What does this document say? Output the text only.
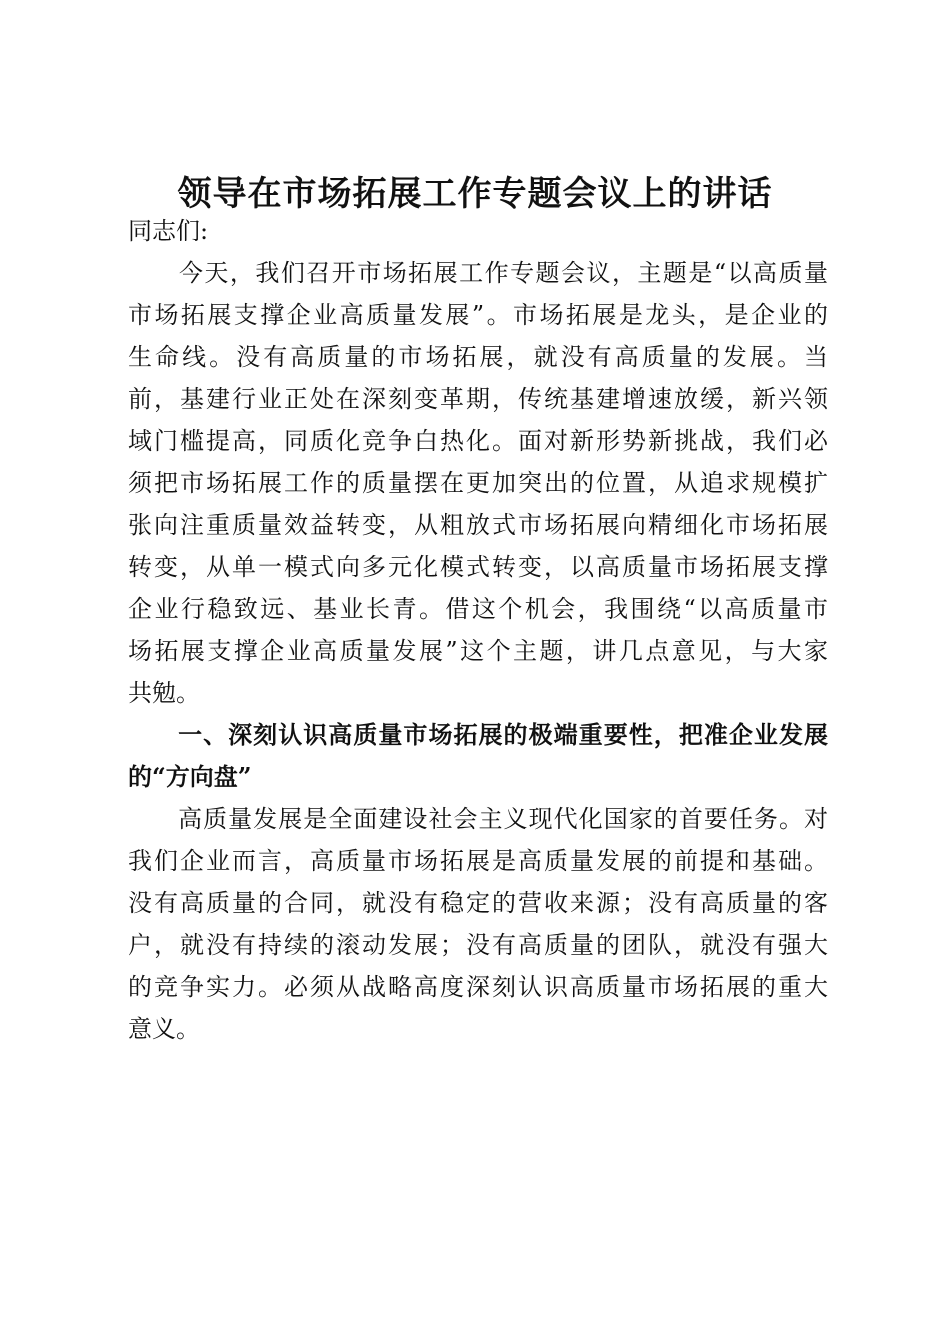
领导在市场拓展工作专题会议上的讲话
同志们:
　　今天，我们召开市场拓展工作专题会议，主题是“以高质量
市场拓展支撑企业高质量发展”。市场拓展是龙头，是企业的
生命线。没有高质量的市场拓展，就没有高质量的发展。当
前，基建行业正处在深刻变革期，传统基建增速放缓，新兴领
域门槛提高，同质化竞争白热化。面对新形势新挑战，我们必
须把市场拓展工作的质量摆在更加突出的位置，从追求规模扩
张向注重质量效益转变，从粗放式市场拓展向精细化市场拓展
转变，从单一模式向多元化模式转变，以高质量市场拓展支撑
企业行稳致远、基业长青。借这个机会，我围绕“以高质量市
场拓展支撑企业高质量发展”这个主题，讲几点意见，与大家
共勉。
　　一、深刻认识高质量市场拓展的极端重要性，把准企业发展
的“方向盘”
　　高质量发展是全面建设社会主义现代化国家的首要任务。对
我们企业而言，高质量市场拓展是高质量发展的前提和基础。
没有高质量的合同，就没有稳定的营收来源；没有高质量的客
户，就没有持续的滚动发展；没有高质量的团队，就没有强大
的竞争实力。必须从战略高度深刻认识高质量市场拓展的重大
意义。
